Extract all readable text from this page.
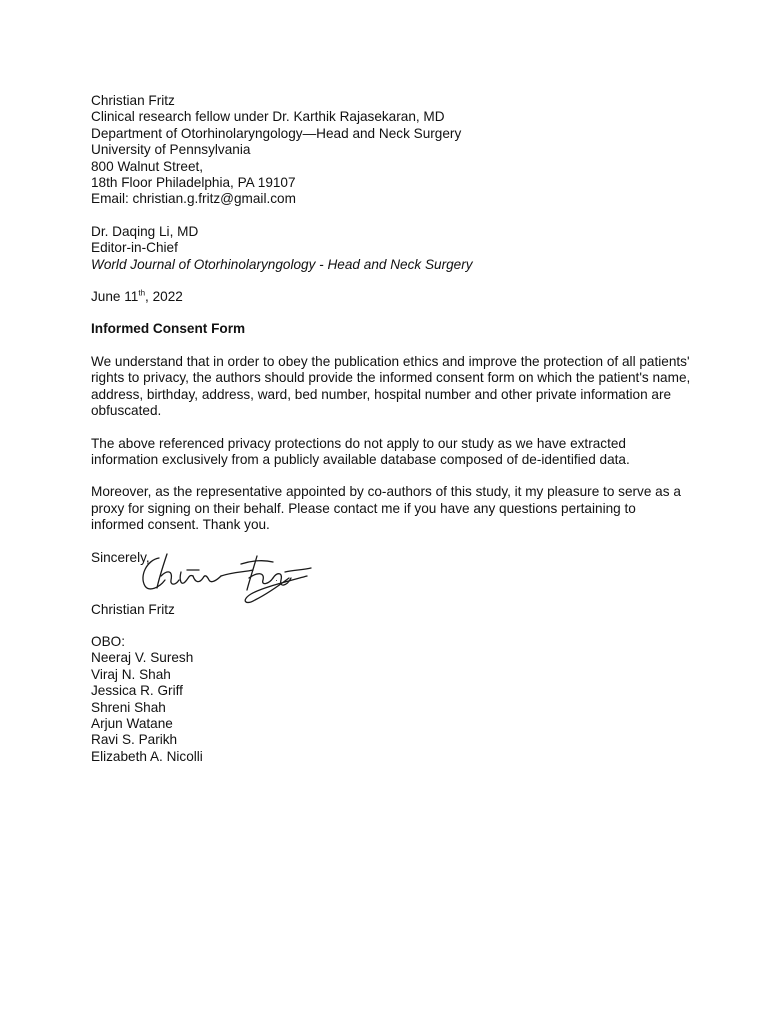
Christian Fritz
Clinical research fellow under Dr. Karthik Rajasekaran, MD
Department of Otorhinolaryngology—Head and Neck Surgery
University of Pennsylvania
800 Walnut Street,
18th Floor Philadelphia, PA 19107
Email: christian.g.fritz@gmail.com
Dr. Daqing Li, MD
Editor-in-Chief
World Journal of Otorhinolaryngology - Head and Neck Surgery
June 11th, 2022
Informed Consent Form
We understand that in order to obey the publication ethics and improve the protection of all patients' rights to privacy, the authors should provide the informed consent form on which the patient's name, address, birthday, address, ward, bed number, hospital number and other private information are obfuscated.
The above referenced privacy protections do not apply to our study as we have extracted information exclusively from a publicly available database composed of de-identified data.
Moreover, as the representative appointed by co-authors of this study, it my pleasure to serve as a proxy for signing on their behalf. Please contact me if you have any questions pertaining to informed consent. Thank you.
Sincerely,
Christian Fritz
OBO:
Neeraj V. Suresh
Viraj N. Shah
Jessica R. Griff
Shreni Shah
Arjun Watane
Ravi S. Parikh
Elizabeth A. Nicolli
